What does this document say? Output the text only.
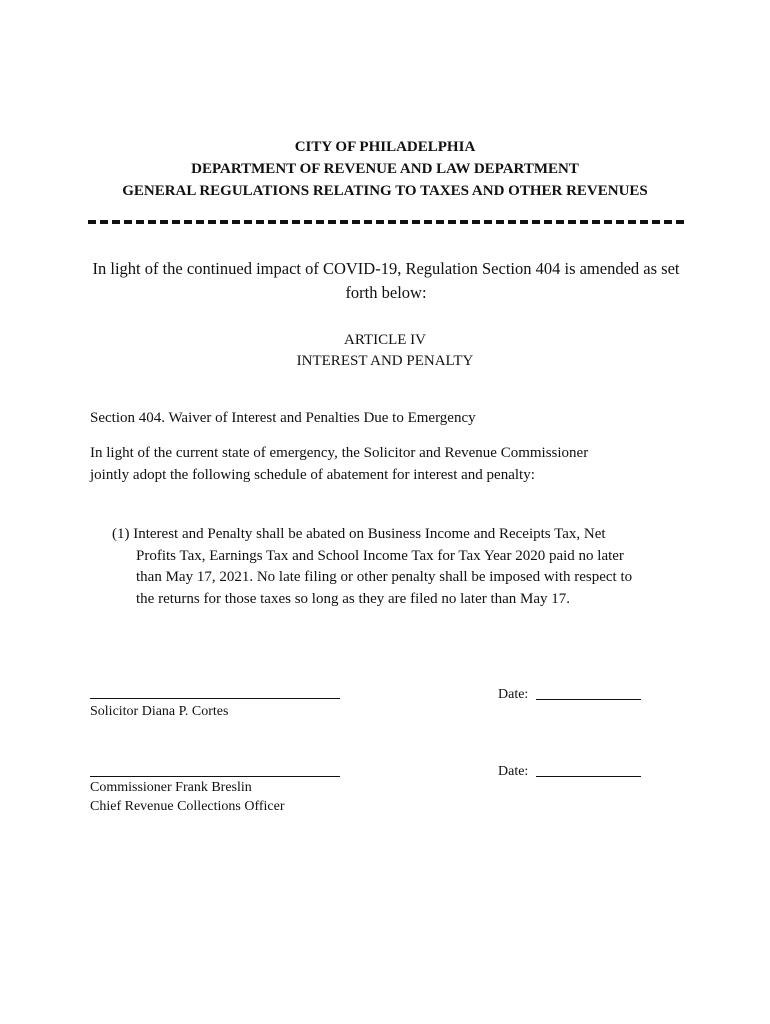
CITY OF PHILADELPHIA
DEPARTMENT OF REVENUE AND LAW DEPARTMENT
GENERAL REGULATIONS RELATING TO TAXES AND OTHER REVENUES
In light of the continued impact of COVID-19, Regulation Section 404 is amended as set forth below:
ARTICLE IV
INTEREST AND PENALTY
Section 404. Waiver of Interest and Penalties Due to Emergency
In light of the current state of emergency, the Solicitor and Revenue Commissioner
jointly adopt the following schedule of abatement for interest and penalty:
(1) Interest and Penalty shall be abated on Business Income and Receipts Tax, Net
Profits Tax, Earnings Tax and School Income Tax for Tax Year 2020 paid no later
than May 17, 2021. No late filing or other penalty shall be imposed with respect to
the returns for those taxes so long as they are filed no later than May 17.
Solicitor Diana P. Cortes
Date:
Commissioner Frank Breslin
Chief Revenue Collections Officer
Date:
